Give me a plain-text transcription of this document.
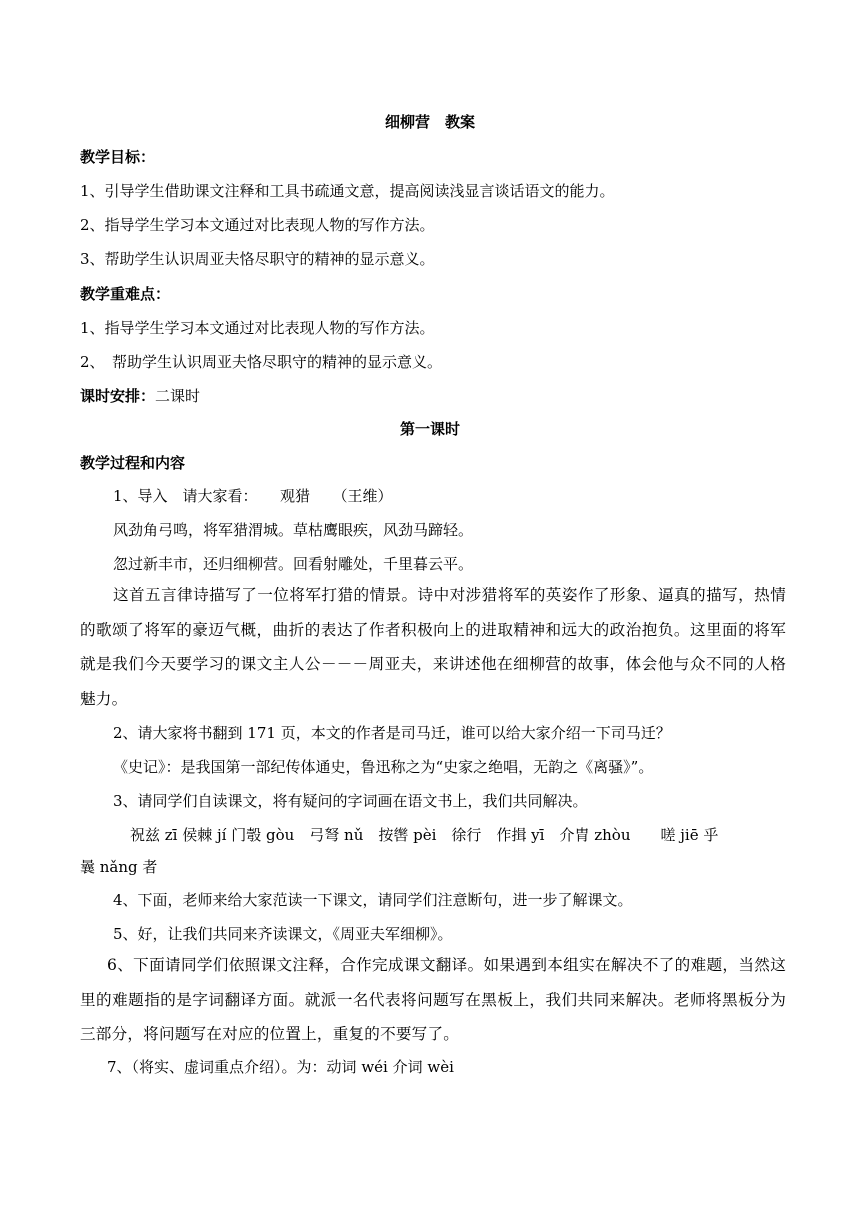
细柳营　教案
教学目标：
1、引导学生借助课文注释和工具书疏通文意，提高阅读浅显言谈话语文的能力。
2、指导学生学习本文通过对比表现人物的写作方法。
3、帮助学生认识周亚夫恪尽职守的精神的显示意义。
教学重难点：
1、指导学生学习本文通过对比表现人物的写作方法。
2、　帮助学生认识周亚夫恪尽职守的精神的显示意义。
课时安排：二课时
第一课时
教学过程和内容
1、导入　请大家看：　　观猎　　（王维）
风劲角弓鸣，将军猎渭城。草枯鹰眼疾，风劲马蹄轻。
忽过新丰市，还归细柳营。回看射雕处，千里暮云平。
这首五言律诗描写了一位将军打猎的情景。诗中对涉猎将军的英姿作了形象、逼真的描写，热情的歌颂了将军的豪迈气概，曲折的表达了作者积极向上的进取精神和远大的政治抱负。这里面的将军就是我们今天要学习的课文主人公－－－周亚夫，来讲述他在细柳营的故事，体会他与众不同的人格魅力。
2、请大家将书翻到 171 页，本文的作者是司马迁，谁可以给大家介绍一下司马迁？
《史记》：是我国第一部纪传体通史，鲁迅称之为“史家之绝唱，无韵之《离骚》”。
3、请同学们自读课文，将有疑问的字词画在语文书上，我们共同解决。
祝兹 zī 侯棘 jí 门彀 gòu　弓弩 nǔ　按辔 pèi　徐行　作揖 yī　介胄 zhòu　　嗟 jiē 乎
曩 nǎng 者
4、下面，老师来给大家范读一下课文，请同学们注意断句，进一步了解课文。
5、好，让我们共同来齐读课文，《周亚夫军细柳》。
6、下面请同学们依照课文注释，合作完成课文翻译。如果遇到本组实在解决不了的难题，当然这里的难题指的是字词翻译方面。就派一名代表将问题写在黑板上，我们共同来解决。老师将黑板分为三部分，将问题写在对应的位置上，重复的不要写了。
7、（将实、虚词重点介绍）。为：动词 wéi 介词 wèi
